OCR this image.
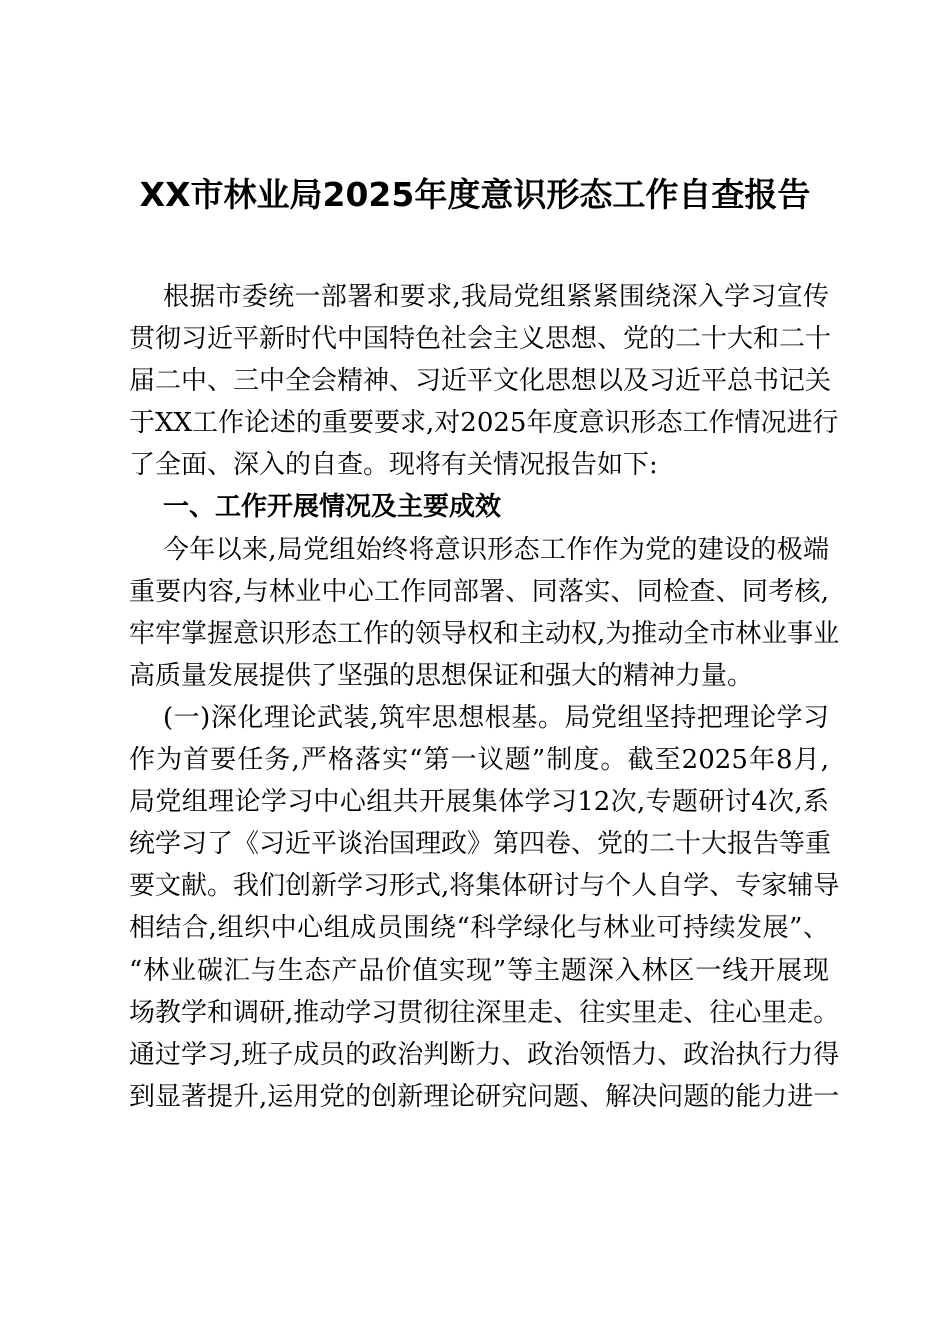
XX市林业局2025年度意识形态工作自查报告
根据市委统一部署和要求,我局党组紧紧围绕深入学习宣传
贯彻习近平新时代中国特色社会主义思想、党的二十大和二十
届二中、三中全会精神、习近平文化思想以及习近平总书记关
于XX工作论述的重要要求,对2025年度意识形态工作情况进行
了全面、深入的自查。现将有关情况报告如下:
一、工作开展情况及主要成效
今年以来,局党组始终将意识形态工作作为党的建设的极端
重要内容,与林业中心工作同部署、同落实、同检查、同考核,
牢牢掌握意识形态工作的领导权和主动权,为推动全市林业事业
高质量发展提供了坚强的思想保证和强大的精神力量。
(一)深化理论武装,筑牢思想根基。局党组坚持把理论学习
作为首要任务,严格落实“第一议题”制度。截至2025年8月,
局党组理论学习中心组共开展集体学习12次,专题研讨4次,系
统学习了《习近平谈治国理政》第四卷、党的二十大报告等重
要文献。我们创新学习形式,将集体研讨与个人自学、专家辅导
相结合,组织中心组成员围绕“科学绿化与林业可持续发展”、
“林业碳汇与生态产品价值实现”等主题深入林区一线开展现
场教学和调研,推动学习贯彻往深里走、往实里走、往心里走。
通过学习,班子成员的政治判断力、政治领悟力、政治执行力得
到显著提升,运用党的创新理论研究问题、解决问题的能力进一
